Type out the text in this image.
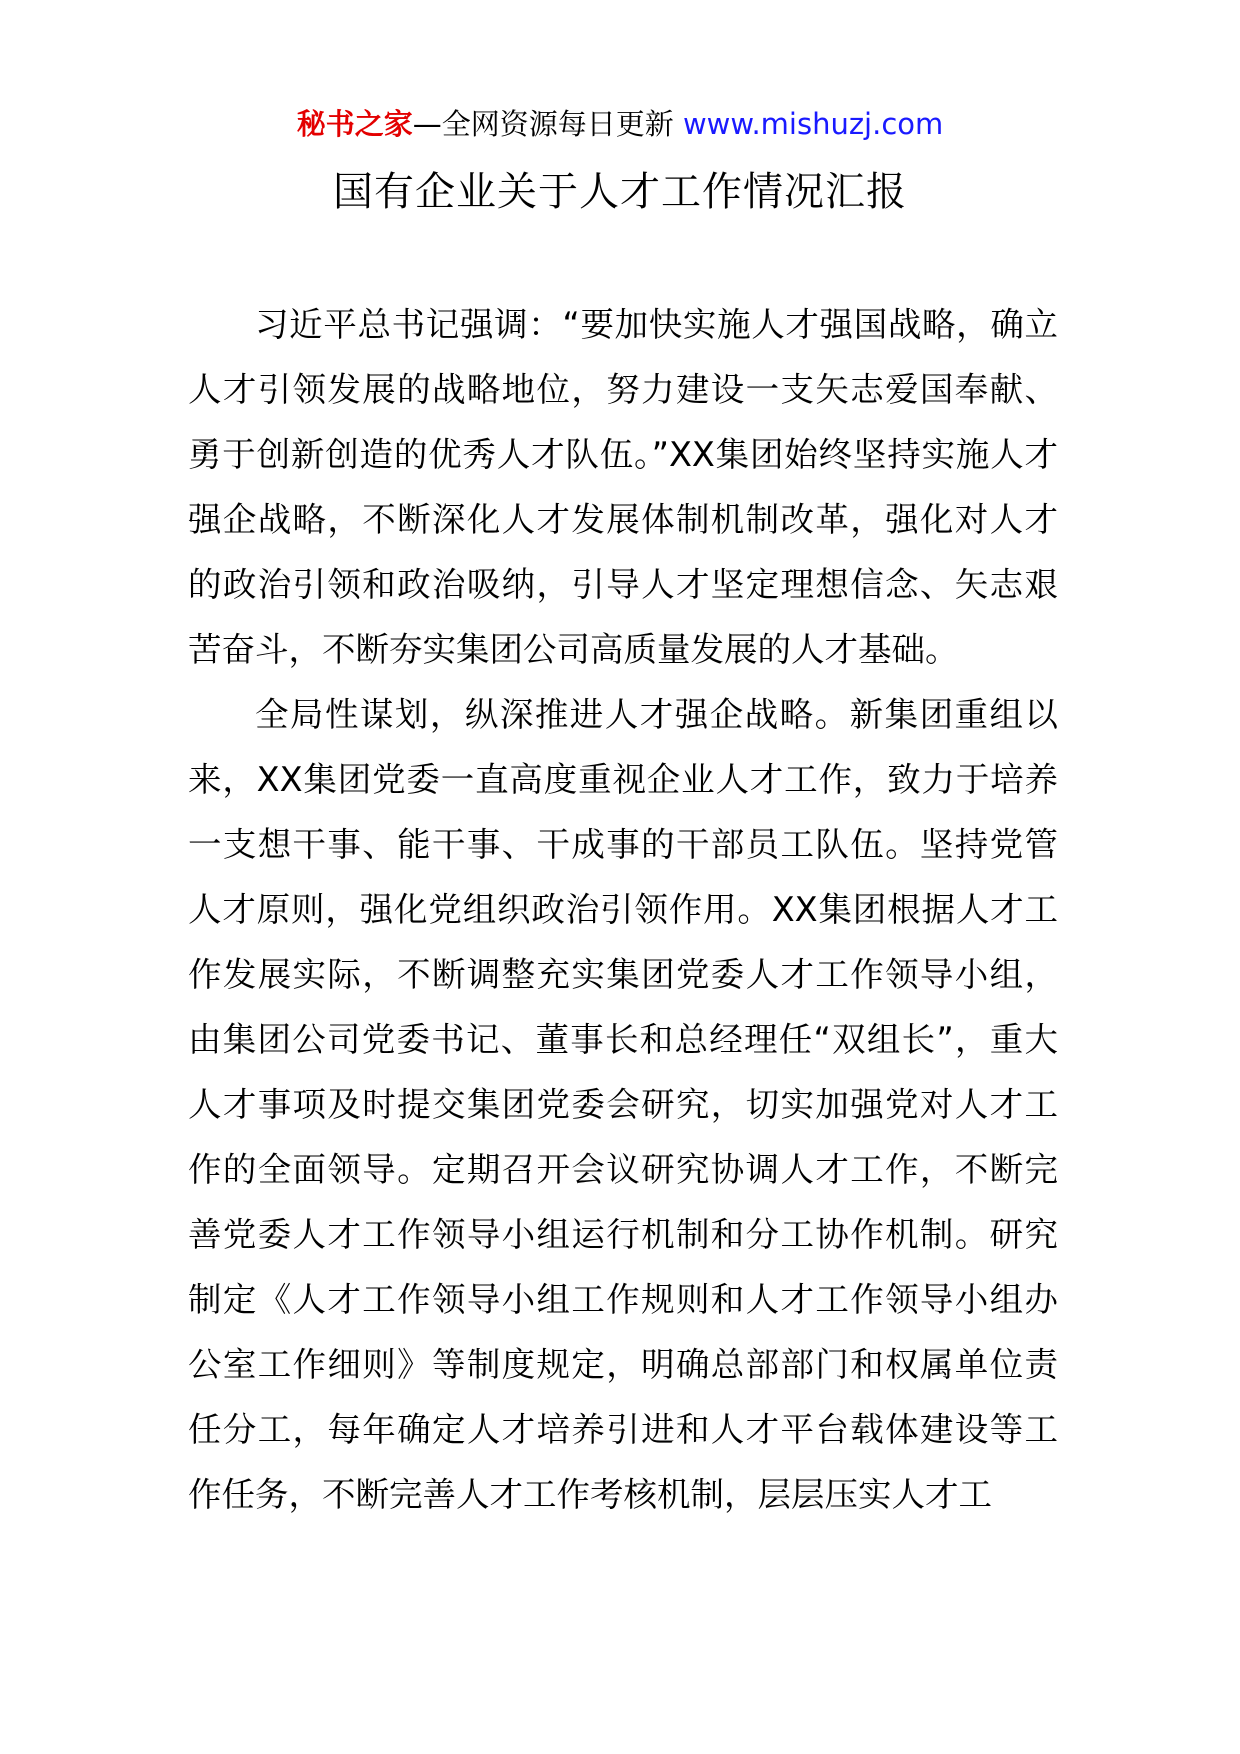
秘书之家—全网资源每日更新 www.mishuzj.com
国有企业关于人才工作情况汇报

习近平总书记强调：“要加快实施人才强国战略，确立人才引领发展的战略地位，努力建设一支矢志爱国奉献、勇于创新创造的优秀人才队伍。”XX集团始终坚持实施人才强企战略，不断深化人才发展体制机制改革，强化对人才的政治引领和政治吸纳，引导人才坚定理想信念、矢志艰苦奋斗，不断夯实集团公司高质量发展的人才基础。

全局性谋划，纵深推进人才强企战略。新集团重组以来，XX集团党委一直高度重视企业人才工作，致力于培养一支想干事、能干事、干成事的干部员工队伍。坚持党管人才原则，强化党组织政治引领作用。XX集团根据人才工作发展实际，不断调整充实集团党委人才工作领导小组，由集团公司党委书记、董事长和总经理任“双组长”，重大人才事项及时提交集团党委会研究，切实加强党对人才工作的全面领导。定期召开会议研究协调人才工作，不断完善党委人才工作领导小组运行机制和分工协作机制。研究制定《人才工作领导小组工作规则和人才工作领导小组办公室工作细则》等制度规定，明确总部部门和权属单位责任分工，每年确定人才培养引进和人才平台载体建设等工作任务，不断完善人才工作考核机制，层层压实人才工
